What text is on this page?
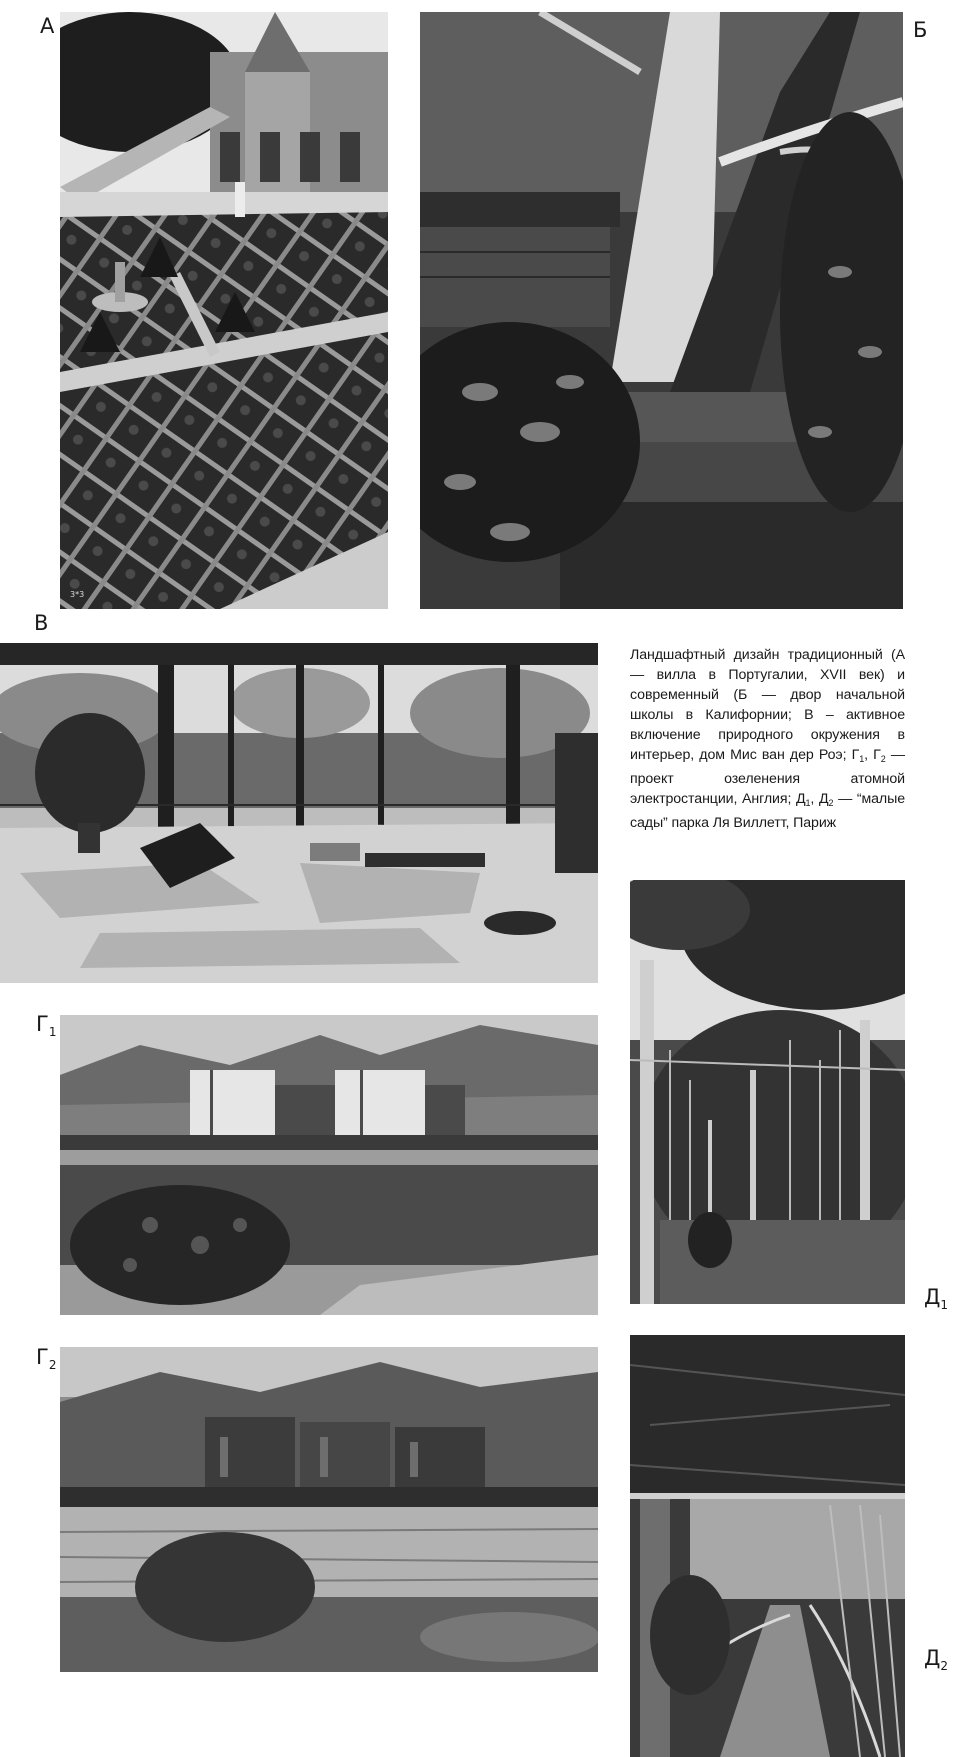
А	Б
В
$Г_1$
$Г_2$
$Д_1$
$Д_2$
3*3
Ландшафтный дизайн традиционный (А — вилла в Португалии, XVII век) и современный (Б — двор начальной школы в Калифорнии; В – активное включение природного окружения в интерьер, дом Мис ван дер Роэ; $Г_1$, $Г_2$ — проект озеленения атомной электростанции, Англия; $Д_1$, $Д_2$ — “малые сады” парка Ля Виллетт, Париж
